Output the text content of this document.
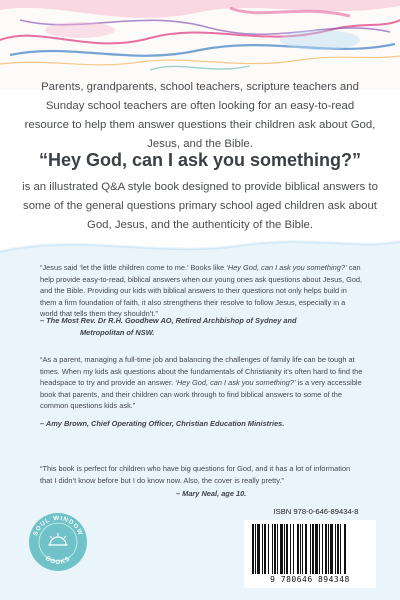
Parents, grandparents, school teachers, scripture teachers and Sunday school teachers are often looking for an easy-to-read resource to help them answer questions their children ask about God, Jesus, and the Bible.

“Hey God, can I ask you something?”

is an illustrated Q&A style book designed to provide biblical answers to some of the general questions primary school aged children ask about God, Jesus, and the authenticity of the Bible.

“Jesus said ‘let the little children come to me.’ Books like ‘Hey God, can I ask you something?’ can help provide easy-to-read, biblical answers when our young ones ask questions about Jesus, God, and the Bible. Providing our kids with biblical answers to their questions not only helps build in them a firm foundation of faith, it also strengthens their resolve to follow Jesus, especially in a world that tells them they shouldn’t.”

– The Most Rev. Dr R.H. Goodhew AO, Retired Archbishop of Sydney and

Metropolitan of NSW.

“As a parent, managing a full-time job and balancing the challenges of family life can be tough at times. When my kids ask questions about the fundamentals of Christianity it’s often hard to find the headspace to try and provide an answer. ‘Hey God, can I ask you something?’ is a very accessible book that parents, and their children can work through to find biblical answers to some of the common questions kids ask.”

– Amy Brown, Chief Operating Officer, Christian Education Ministries.

“This book is perfect for children who have big questions for God, and it has a lot of information that I didn’t know before but I do know now. Also, the cover is really pretty.”

– Mary Neal, age 10.

SOUL WINDOW
BOOKS

ISBN 978-0-646-89434-8

9 780646 894348
